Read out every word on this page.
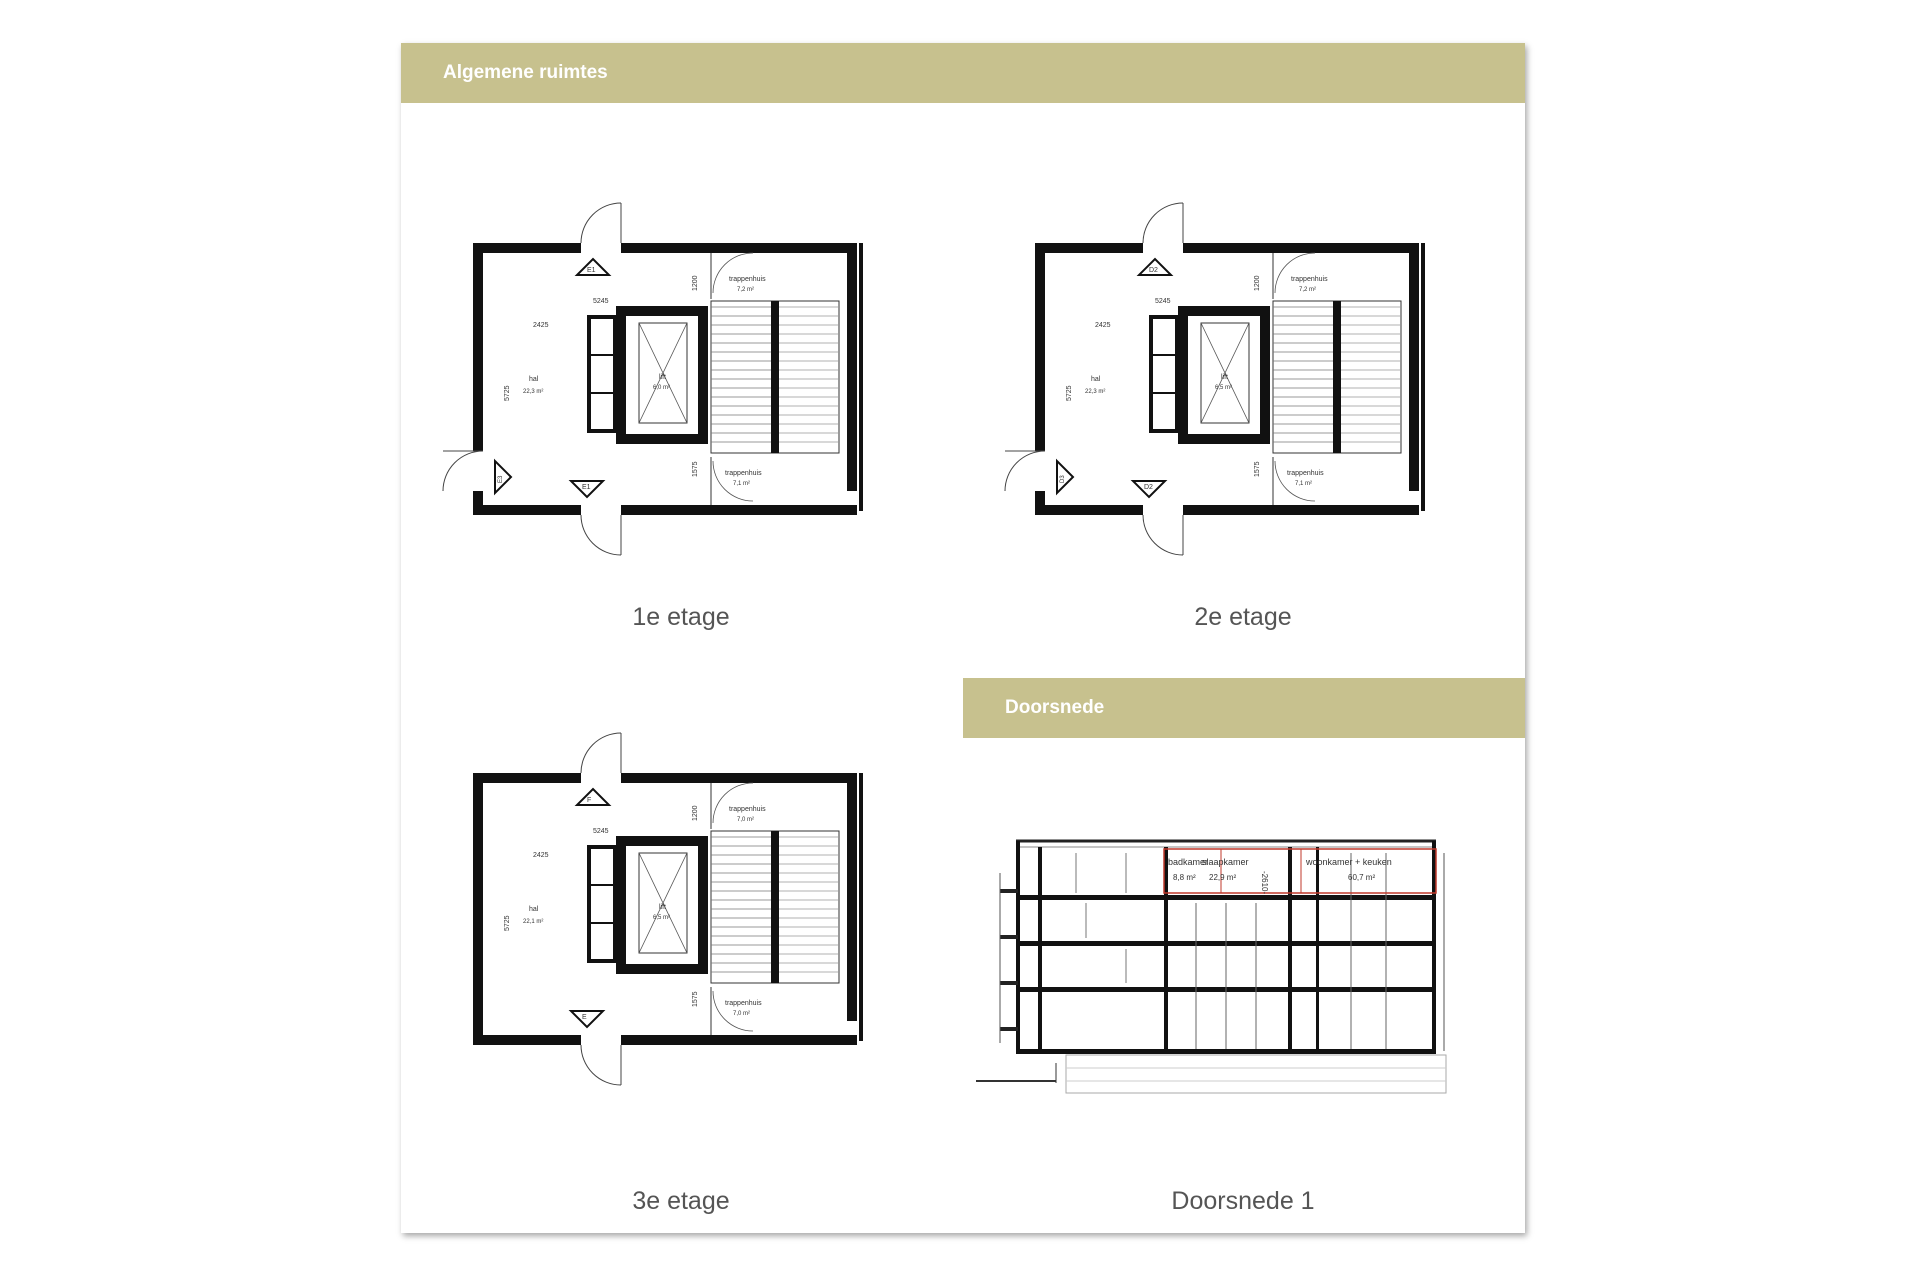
Algemene ruimtes
E1
E1
E3
hal
22,3 m²
lift
6,0 m²
trappenhuis
7,2 m²
trappenhuis
7,1 m²
5245
2425
5725
1200
1575
D2
D2
D3
hal
22,3 m²
lift
6,5 m²
trappenhuis
7,2 m²
trappenhuis
7,1 m²
5245
2425
5725
1200
1575
F
E
hal
22,1 m²
lift
6,5 m²
trappenhuis
7,0 m²
trappenhuis
7,0 m²
5245
2425
5725
1200
1575
1e etage	2e etage
3e etage
Doorsnede
badkamer
8,8 m²
slaapkamer
22,9 m²	-2610-
woonkamer + keuken
60,7 m²
Doorsnede 1
